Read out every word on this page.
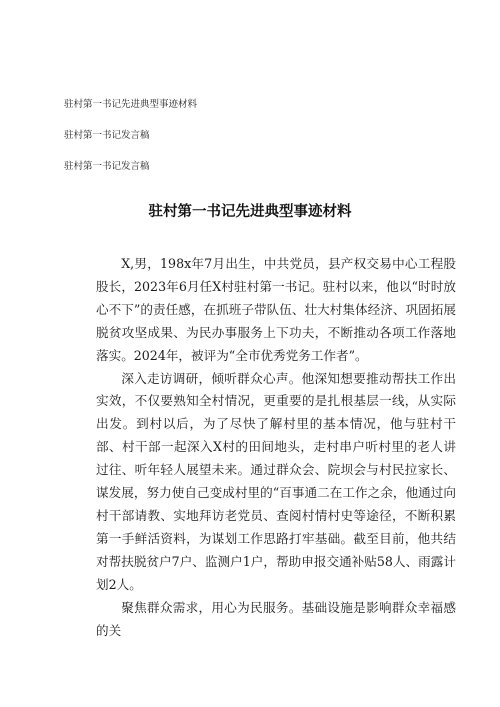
驻村第一书记先进典型事迹材料
驻村第一书记发言稿
驻村第一书记发言稿
驻村第一书记先进典型事迹材料

X,男，198x年7月出生，中共党员，县产权交易中心工程股股长，2023年6月任X村驻村第一书记。驻村以来，他以“时时放心不下”的责任感，在抓班子带队伍、壮大村集体经济、巩固拓展脱贫攻坚成果、为民办事服务上下功夫，不断推动各项工作落地落实。2024年，被评为“全市优秀党务工作者”。

深入走访调研，倾听群众心声。他深知想要推动帮扶工作出实效，不仅要熟知全村情况，更重要的是扎根基层一线，从实际出发。到村以后，为了尽快了解村里的基本情况，他与驻村干部、村干部一起深入X村的田间地头，走村串户听村里的老人讲过往、听年轻人展望未来。通过群众会、院坝会与村民拉家长、谋发展，努力使自己变成村里的“百事通二在工作之余，他通过向村干部请教、实地拜访老党员、查阅村情村史等途径，不断积累第一手鲜活资料，为谋划工作思路打牢基础。截至目前，他共结对帮扶脱贫户7户、监测户1户，帮助申报交通补贴58人、雨露计划2人。

聚焦群众需求，用心为民服务。基础设施是影响群众幸福感的关
